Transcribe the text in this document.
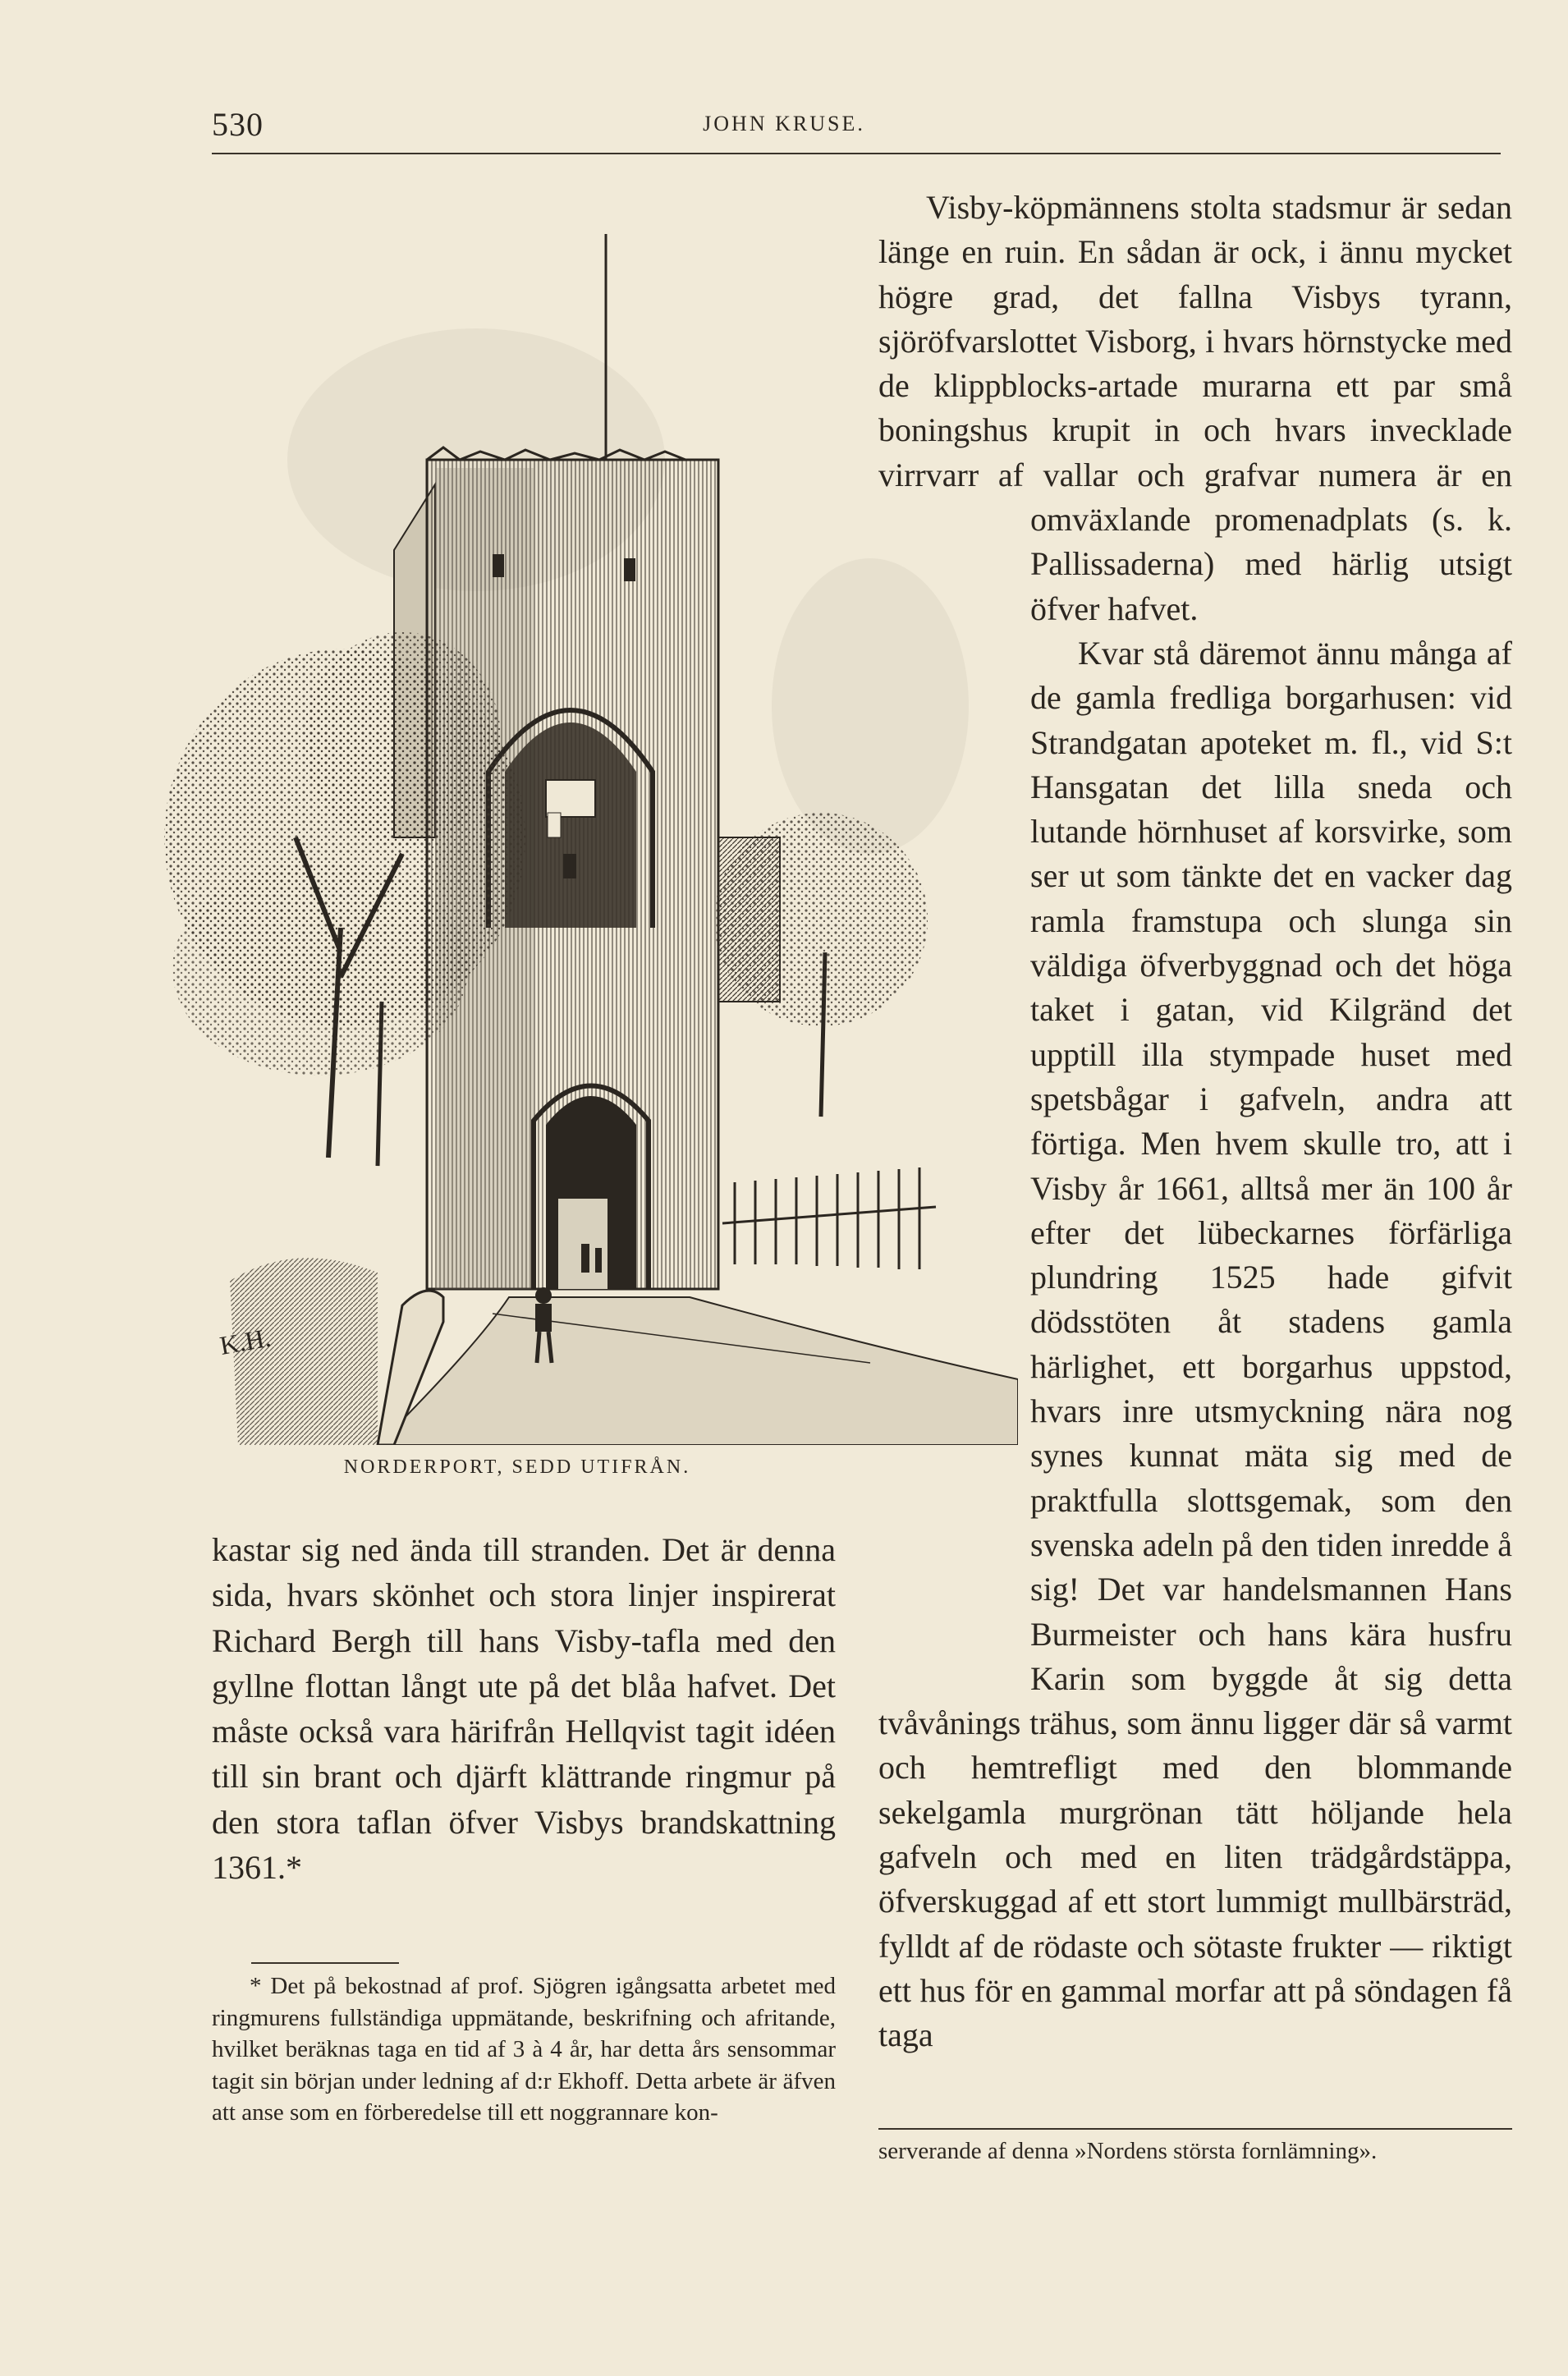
530	JOHN KRUSE.
K.H.
NORDERPORT, SEDD UTIFRÅN.

Visby-köpmännens stolta stadsmur är sedan länge en ruin. En sådan är ock, i ännu mycket högre grad, det fallna Visbys tyrann, sjöröfvarslottet Visborg, i hvars hörnstycke med de klippblocks-artade murarna ett par små boningshus krupit in och hvars invecklade virrvarr af vallar och grafvar numera är en omväxlande promenadplats (s. k. Pallissaderna) med härlig utsigt öfver hafvet.

Kvar stå däremot ännu många af de gamla fredliga borgarhusen: vid Strandgatan apoteket m. fl., vid S:t Hansgatan det lilla sneda och lutande hörnhuset af korsvirke, som ser ut som tänkte det en vacker dag ramla framstupa och slunga sin väldiga öfverbyggnad och det höga taket i gatan, vid Kilgränd det upptill illa stympade huset med spetsbågar i gafveln, andra att förtiga. Men hvem skulle tro, att i Visby år 1661, alltså mer än 100 år efter det lübeckarnes förfärliga plundring 1525 hade gifvit dödsstöten åt stadens gamla härlighet, ett borgarhus uppstod, hvars inre utsmyckning nära nog synes kunnat mäta sig med de praktfulla slottsgemak, som den svenska adeln på den tiden inredde å sig! Det var handelsmannen Hans Burmeister och hans kära husfru Karin som byggde åt sig detta tvåvånings trähus, som ännu ligger där så varmt och hemtrefligt med den blommande sekelgamla murgrönan tätt höljande hela gafveln och med en liten trädgårdstäppa, öfverskuggad af ett stort lummigt mullbärsträd, fylldt af de rödaste och sötaste frukter — riktigt ett hus för en gammal morfar att på söndagen få taga

serverande af denna »Nordens största fornlämning».

kastar sig ned ända till stranden. Det är denna sida, hvars skönhet och stora linjer inspirerat Richard Bergh till hans Visby-tafla med den gyllne flottan långt ute på det blåa hafvet. Det måste också vara härifrån Hellqvist tagit idéen till sin brant och djärft klättrande ringmur på den stora taflan öfver Visbys brandskattning 1361.*

* Det på bekostnad af prof. Sjögren igångsatta arbetet med ringmurens fullständiga uppmätande, beskrifning och afritande, hvilket beräknas taga en tid af 3 à 4 år, har detta års sensommar tagit sin början under ledning af d:r Ekhoff. Detta arbete är äfven att anse som en förberedelse till ett noggrannare kon-
